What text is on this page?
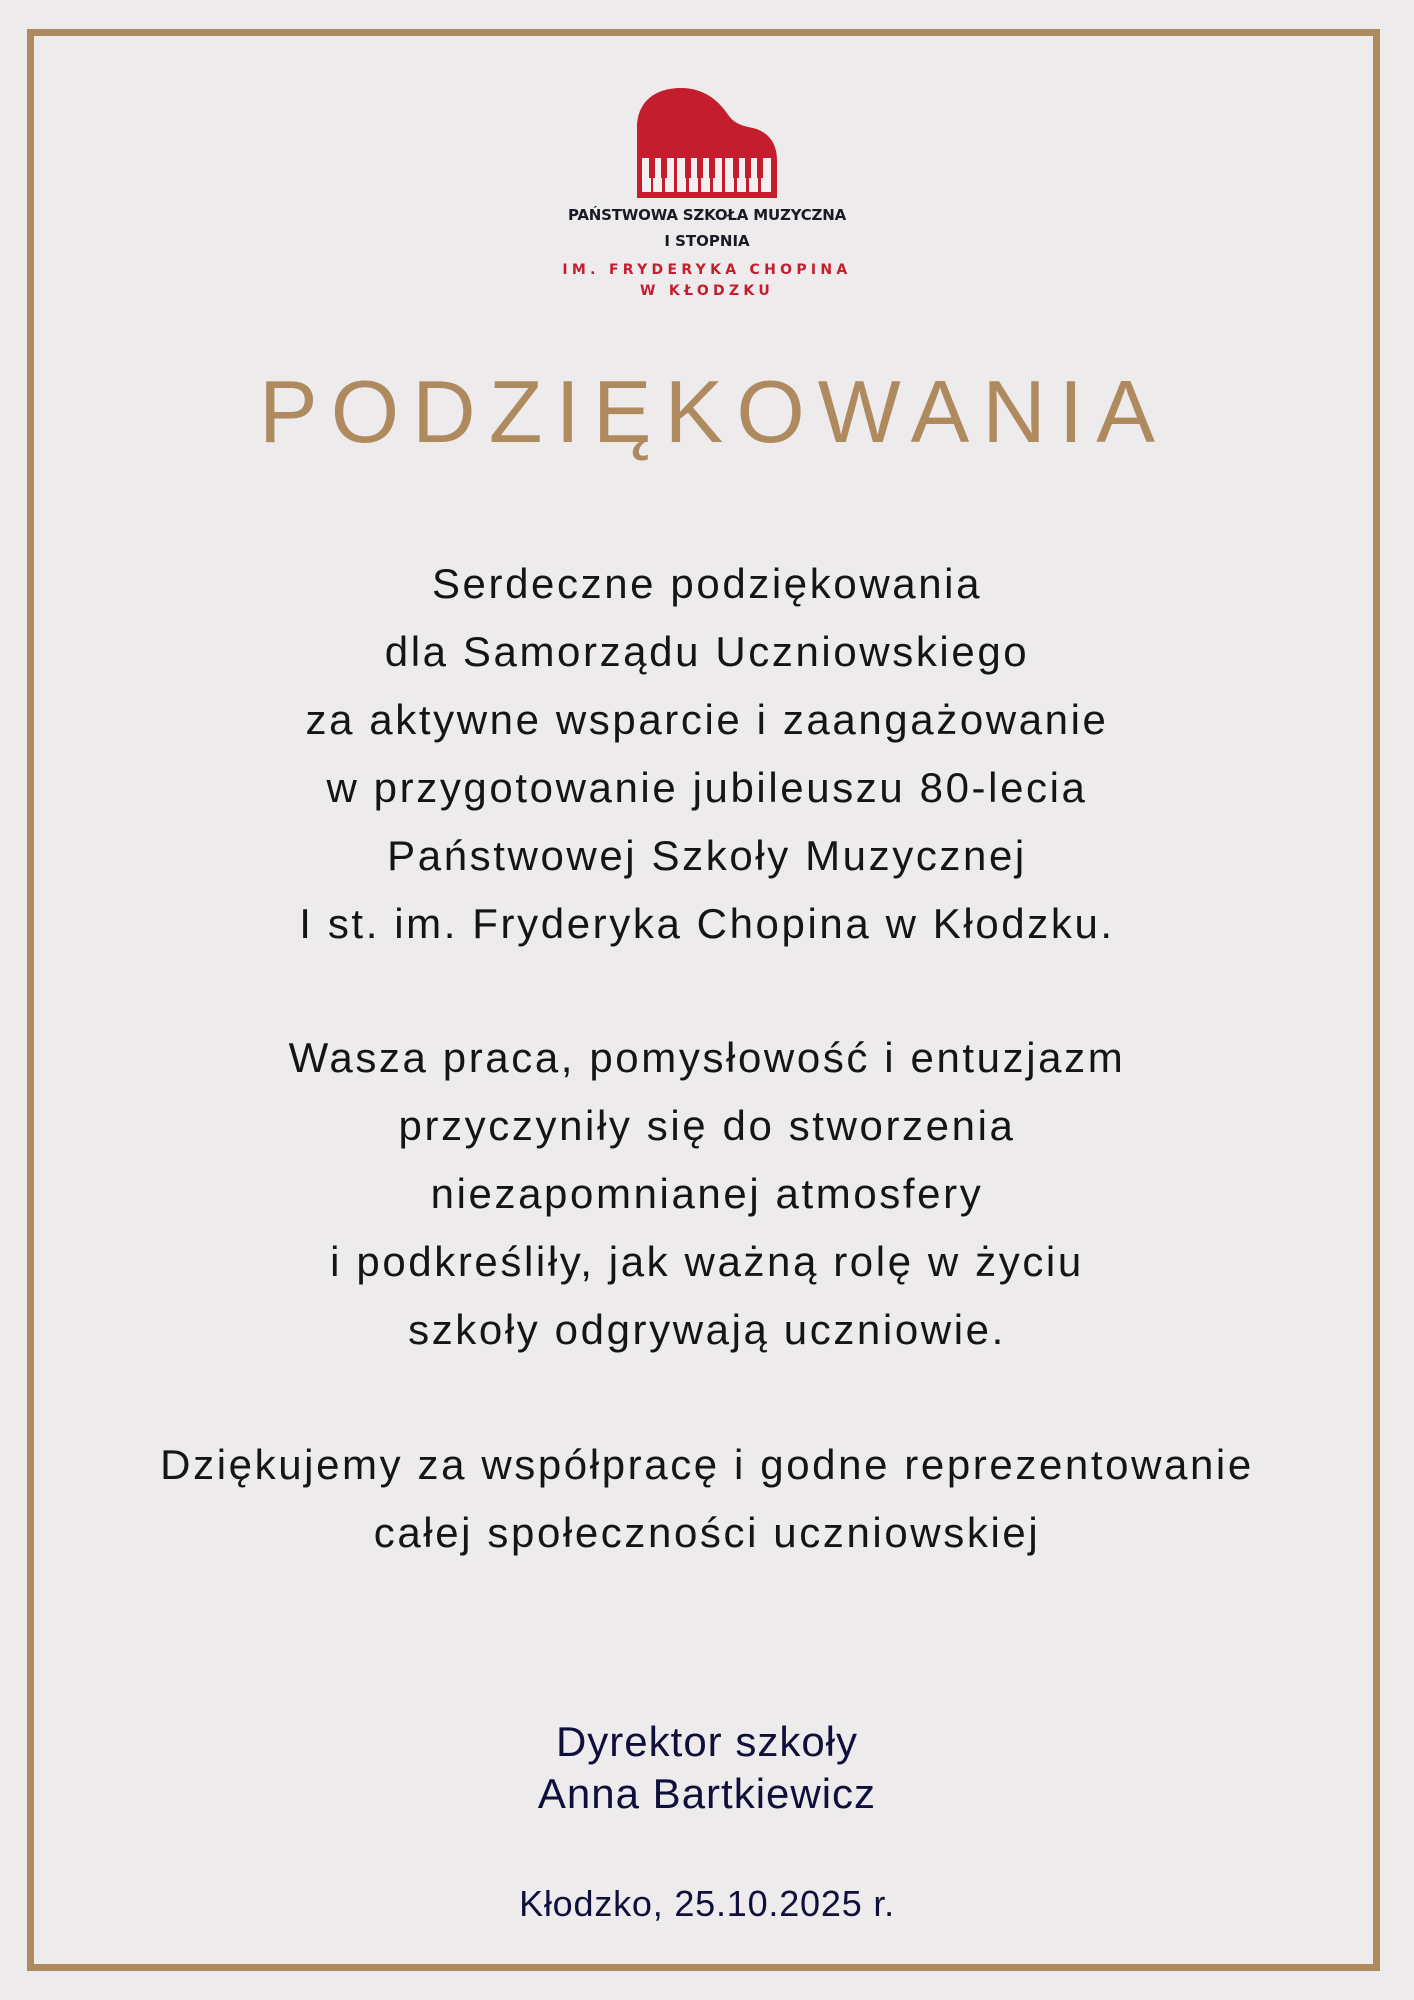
PAŃSTWOWA SZKOŁA MUZYCZNA
I STOPNIA
IM. FRYDERYKA CHOPINA
W KŁODZKU
PODZIĘKOWANIA
Serdeczne podziękowania
dla Samorządu Uczniowskiego
za aktywne wsparcie i zaangażowanie
w przygotowanie jubileuszu 80-lecia
Państwowej Szkoły Muzycznej
I st. im. Fryderyka Chopina w Kłodzku.
Wasza praca, pomysłowość i entuzjazm
przyczyniły się do stworzenia
niezapomnianej atmosfery
i podkreśliły, jak ważną rolę w życiu
szkoły odgrywają uczniowie.
Dziękujemy za współpracę i godne reprezentowanie
całej społeczności uczniowskiej
Dyrektor szkoły
Anna Bartkiewicz
Kłodzko, 25.10.2025 r.
